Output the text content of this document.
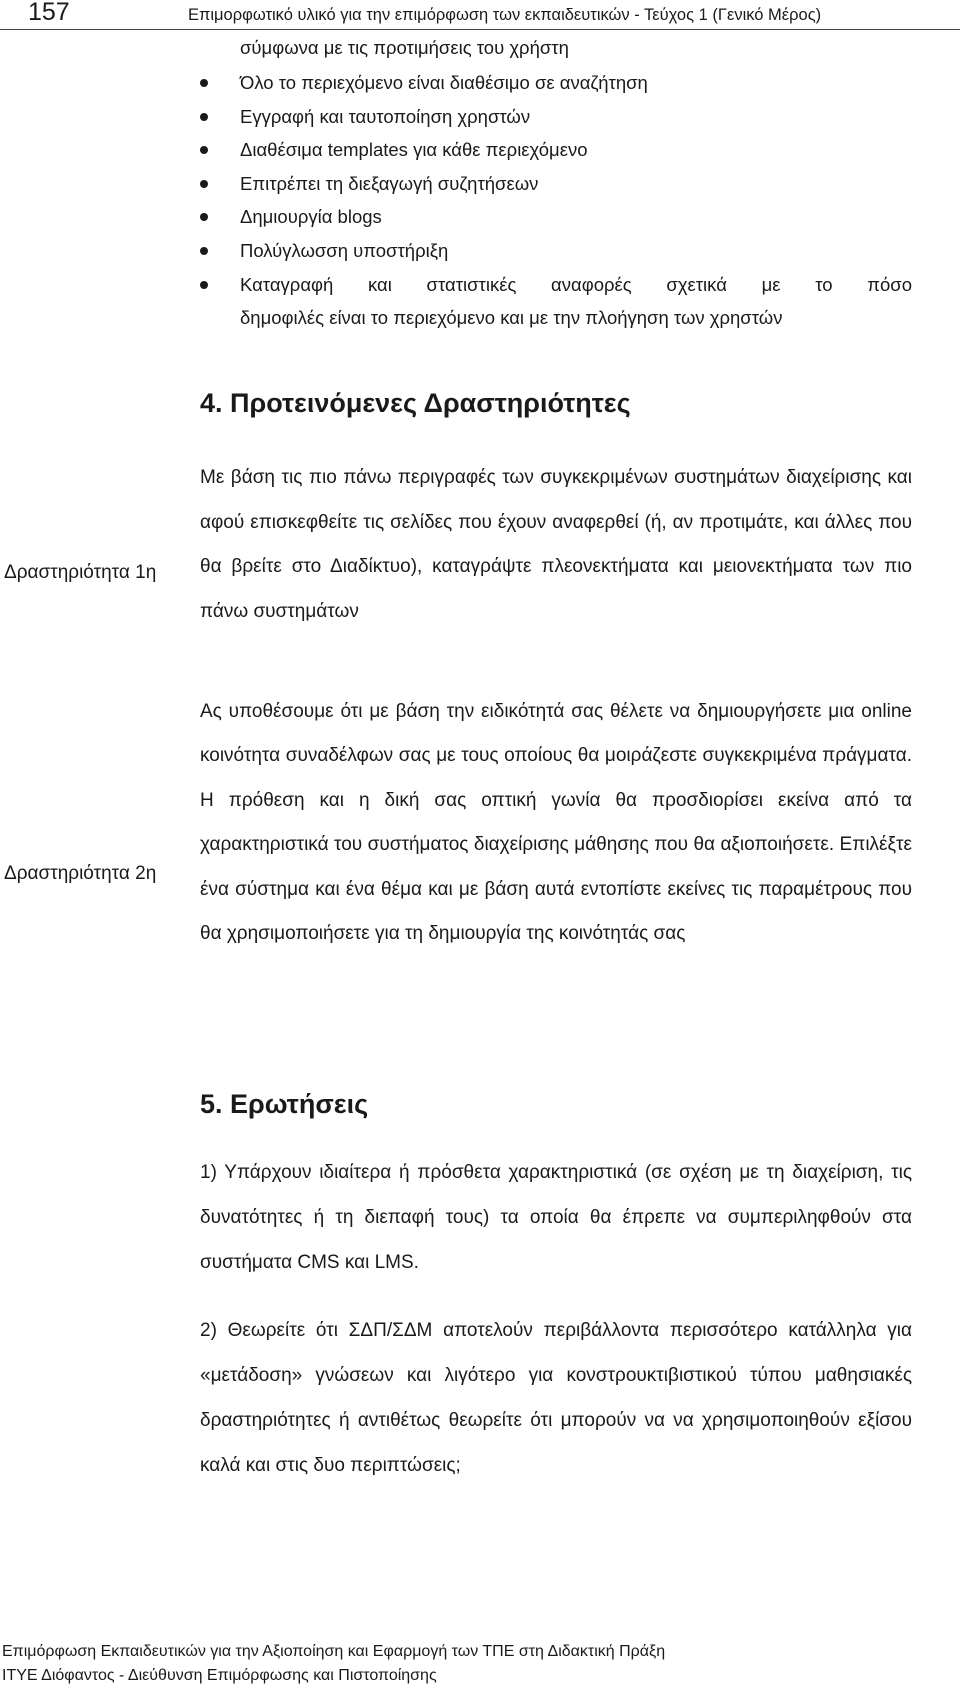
157	Επιμορφωτικό υλικό για την επιμόρφωση των εκπαιδευτικών - Τεύχος 1 (Γενικό Μέρος)
σύμφωνα με τις προτιμήσεις του χρήστη
Όλο το περιεχόμενο είναι διαθέσιμο σε αναζήτηση
Εγγραφή και ταυτοποίηση χρηστών
Διαθέσιμα templates για κάθε περιεχόμενο
Επιτρέπει τη διεξαγωγή συζητήσεων
Δημιουργία blogs
Πολύγλωσση υποστήριξη
Καταγραφή και στατιστικές αναφορές σχετικά με το πόσο
δημοφιλές είναι το περιεχόμενο και με την πλοήγηση των χρηστών
4. Προτεινόμενες Δραστηριότητες
Δραστηριότητα 1η

Με βάση τις πιο πάνω περιγραφές των συγκεκριμένων συστημάτων διαχείρισης και αφού επισκεφθείτε τις σελίδες που έχουν αναφερθεί (ή, αν προτιμάτε, και άλλες που θα βρείτε στο Διαδίκτυο), καταγράψτε πλεονεκτήματα και μειονεκτήματα των πιο πάνω συστημάτων

Δραστηριότητα 2η

Ας υποθέσουμε ότι με βάση την ειδικότητά σας θέλετε να δημιουργήσετε μια online κοινότητα συναδέλφων σας με τους οποίους θα μοιράζεστε συγκεκριμένα πράγματα. Η πρόθεση και η δική σας οπτική γωνία θα προσδιορίσει εκείνα από τα χαρακτηριστικά του συστήματος διαχείρισης μάθησης που θα αξιοποιήσετε. Επιλέξτε ένα σύστημα και ένα θέμα και με βάση αυτά εντοπίστε εκείνες τις παραμέτρους που θα χρησιμοποιήσετε για τη δημιουργία της κοινότητάς σας

5. Ερωτήσεις

1) Υπάρχουν ιδιαίτερα ή πρόσθετα χαρακτηριστικά (σε σχέση με τη διαχείριση, τις δυνατότητες ή τη διεπαφή τους) τα οποία θα έπρεπε να συμπεριληφθούν στα συστήματα CMS και LMS.

2) Θεωρείτε ότι ΣΔΠ/ΣΔΜ αποτελούν περιβάλλοντα περισσότερο κατάλληλα για «μετάδοση» γνώσεων και λιγότερο για κονστρουκτιβιστικού τύπου μαθησιακές δραστηριότητες ή αντιθέτως θεωρείτε ότι μπορούν να να χρησιμοποιηθούν εξίσου καλά και στις δυο περιπτώσεις;

Επιμόρφωση Εκπαιδευτικών για την Αξιοποίηση και Εφαρμογή των ΤΠΕ στη Διδακτική Πράξη
ΙΤΥΕ Διόφαντος - Διεύθυνση Επιμόρφωσης και Πιστοποίησης
